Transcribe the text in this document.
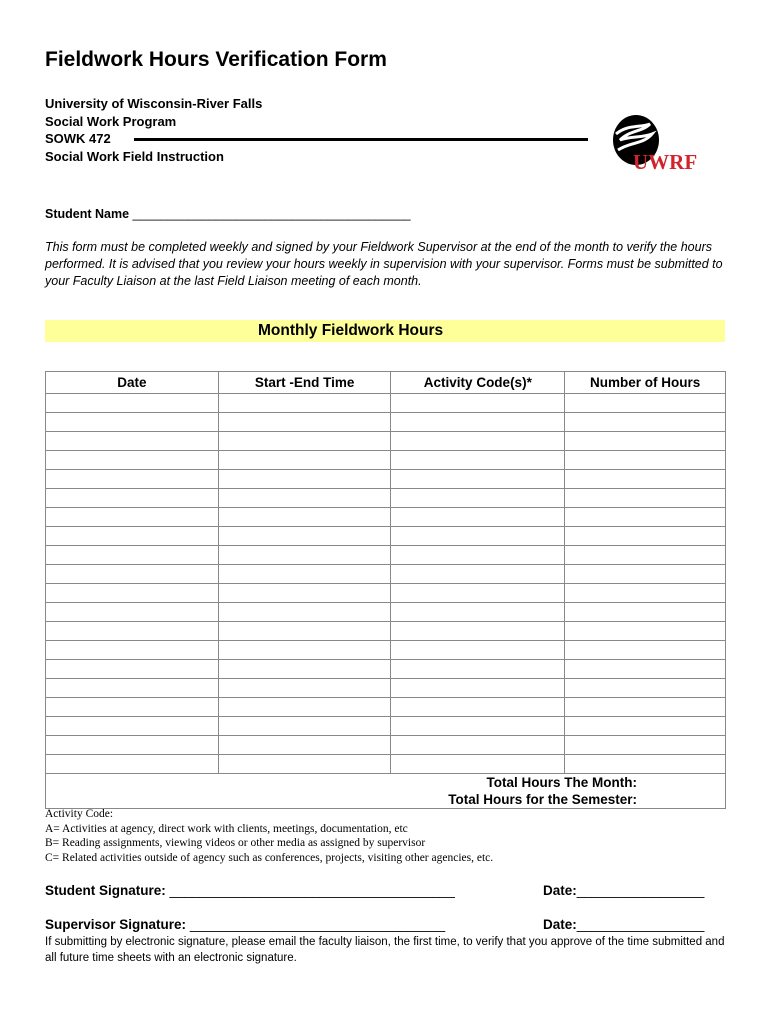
Fieldwork Hours Verification Form
University of Wisconsin-River Falls
Social Work Program
SOWK 472
Social Work Field Instruction	UWRF
Student Name ________________________________________
This form must be completed weekly and signed by your Fieldwork Supervisor at the end of the month to verify the hours performed. It is advised that you review your hours weekly in supervision with your supervisor. Forms must be submitted to your Faculty Liaison at the last Field Liaison meeting of each month.
Monthly Fieldwork Hours
Date	Start -End Time	Activity Code(s)*	Number of Hours

Total Hours The Month:			
Total Hours for the Semester:			
Activity Code:
A= Activities at agency, direct work with clients, meetings, documentation, etc
B= Reading assignments, viewing videos or other media as assigned by supervisor
C= Related activities outside of agency such as conferences, projects, visiting other agencies, etc.
Student Signature: ______________________________________	Date:_________________
Supervisor Signature: __________________________________	Date:_________________
If submitting by electronic signature, please email the faculty liaison, the first time, to verify that you approve of the time submitted and all future time sheets with an electronic signature.
